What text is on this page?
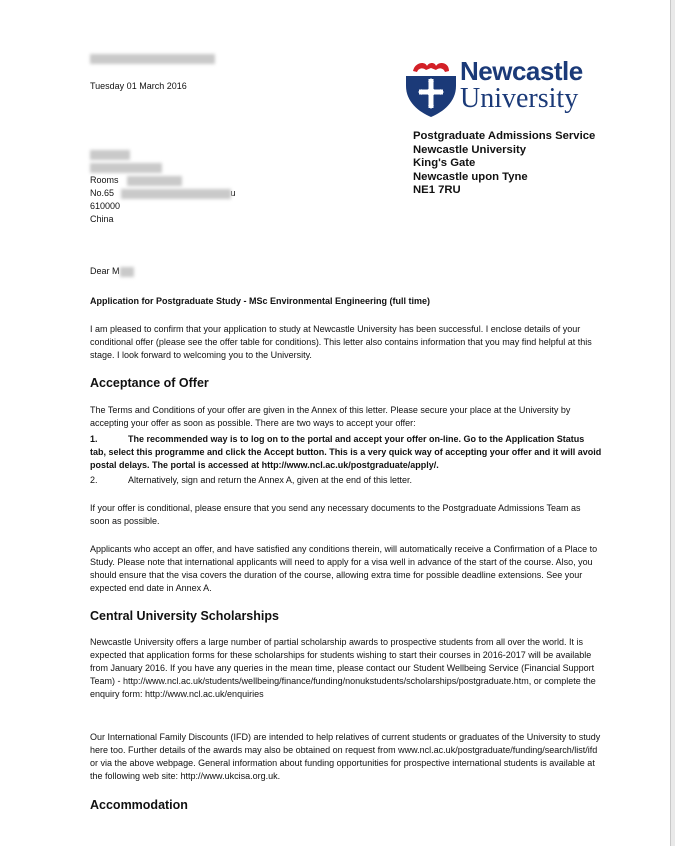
Tuesday 01 March 2016	Newcastle
University
Postgraduate Admissions Service
Newcastle University
King's Gate
Newcastle upon Tyne
NE1 7RU
Rooms
No.65	u
610000
China
Dear M
Application for Postgraduate Study - MSc Environmental Engineering (full time)

I am pleased to confirm that your application to study at Newcastle University has been successful. I enclose details of your conditional offer (please see the offer table for conditions). This letter also contains information that you may find helpful at this stage. I look forward to welcoming you to the University.

Acceptance of Offer

The Terms and Conditions of your offer are given in the Annex of this letter. Please secure your place at the University by accepting your offer as soon as possible. There are two ways to accept your offer:

1.	The recommended way is to log on to the portal and accept your offer on-line. Go to the Application Status tab, select this programme and click the Accept button. This is a very quick way of accepting your offer and it will avoid postal delays. The portal is accessed at http://www.ncl.ac.uk/postgraduate/apply/.
2.	Alternatively, sign and return the Annex A, given at the end of this letter.

If your offer is conditional, please ensure that you send any necessary documents to the Postgraduate Admissions Team as soon as possible.

Applicants who accept an offer, and have satisfied any conditions therein, will automatically receive a Confirmation of a Place to Study. Please note that international applicants will need to apply for a visa well in advance of the start of the course. Also, you should ensure that the visa covers the duration of the course, allowing extra time for possible deadline extensions. See your expected end date in Annex A.

Central University Scholarships

Newcastle University offers a large number of partial scholarship awards to prospective students from all over the world. It is expected that application forms for these scholarships for students wishing to start their courses in 2016-2017 will be available from January 2016. If you have any queries in the mean time, please contact our Student Wellbeing Service (Financial Support Team) - http://www.ncl.ac.uk/students/wellbeing/finance/funding/nonukstudents/scholarships/postgraduate.htm, or complete the enquiry form: http://www.ncl.ac.uk/enquiries

Our International Family Discounts (IFD) are intended to help relatives of current students or graduates of the University to study here too. Further details of the awards may also be obtained on request from www.ncl.ac.uk/postgraduate/funding/search/list/ifd or via the above webpage. General information about funding opportunities for prospective international students is available at the following web site: http://www.ukcisa.org.uk.

Accommodation
